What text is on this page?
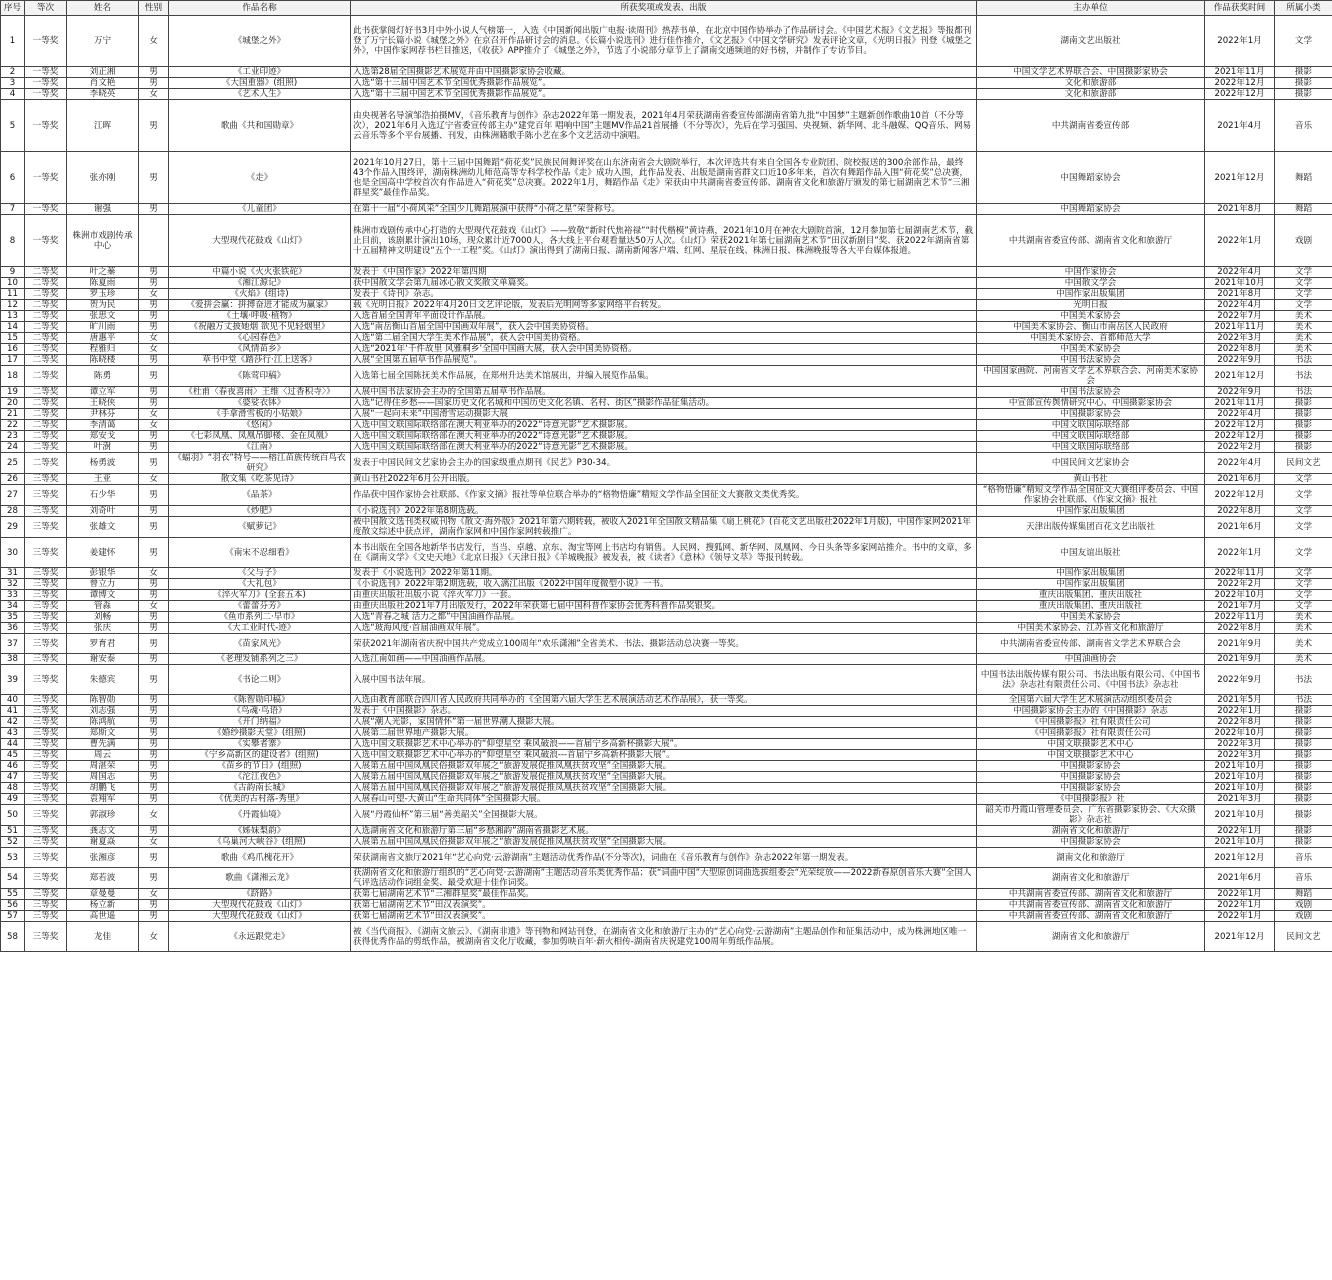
序号	等次	姓名	性别	作品名称	所获奖项或发表、出版	主办单位	作品获奖时间	所属小类
1	一等奖	万宁	女	《城堡之外》	此书获掌阅灯好书3月中外小说人气榜第一，入选《中国新闻出版广电报·读周刊》热荐书单，在北京中国作协举办了作品研讨会。《中国艺术报》《文艺报》等报都刊登了万宁长篇小说《城堡之外》在京召开作品研讨会的消息。《长篇小说选刊》进行佳作推介，《文艺报》《中国文学研究》发表评论文章，《光明日报》刊登《城堡之外》，中国作家网荐书栏目推送，《收获》APP推介了《城堡之外》，节选了小说部分章节上了湖南交通频道的好书榜，并制作了专访节目。	湖南文艺出版社	2022年1月	文学
2	一等奖	刘正湘	男	《工业印迹》	入选第28届全国摄影艺术展览并由中国摄影家协会收藏。	中国文学艺术界联合会、中国摄影家协会	2021年11月	摄影
3	一等奖	肖文艳	男	《大国重器》(组照)	入选“第十三届中国艺术节全国优秀摄影作品展览”。	文化和旅游部	2022年12月	摄影
4	一等奖	李晓英	女	《艺术人生》	入选“第十三届中国艺术节全国优秀摄影作品展览”。	文化和旅游部	2022年12月	摄影
5	一等奖	江晖	男	歌曲《共和国勋章》	由央视著名导演邹浩拍摄MV，《音乐教育与创作》杂志2022年第一期发表，2021年4月荣获湖南省委宣传部湖南省第九批“中国梦”主题新创作歌曲10首（不分等次），2021年6月入选辽宁省委宣传部主办“建党百年 唱响中国”主题MV作品21首展播（不分等次），先后在学习强国、央视频、新华网、北斗融媒、QQ音乐、网易云音乐等多个平台展播、刊发，由株洲籍歌手陈小艺在多个文艺活动中演唱。	中共湖南省委宣传部	2021年4月	音乐
6	一等奖	张亦刚	男	《走》	2021年10月27日，第十三届中国舞蹈“荷花奖”民族民间舞评奖在山东济南省会大剧院举行，本次评选共有来自全国各专业院团、院校报送的300余部作品，最终43个作品入围终评，湖南株洲幼儿师范高等专科学校作品《走》成功入围，此作品发表、出版是湖南省群文口近10多年来，首次有舞蹈作品入围“荷花奖”总决赛，也是全国高中学校首次有作品进入“荷花奖”总决赛。2022年1月，舞蹈作品《走》荣获由中共湖南省委宣传部、湖南省文化和旅游厅颁发的第七届湖南艺术节“三湘群星奖”最佳作品奖。	中国舞蹈家协会	2021年12月	舞蹈
7	一等奖	谢强	男	《儿童团》	在第十一届“小荷风采”全国少儿舞蹈展演中获得“小荷之星”荣誉称号。	中国舞蹈家协会	2021年8月	舞蹈
8	一等奖	株洲市戏剧传承中心		大型现代花鼓戏《山灯》	株洲市戏剧传承中心打造的大型现代花鼓戏《山灯》——致敬“新时代焦裕禄”“时代楷模”黄诗燕，2021年10月在神农大剧院首演，12月参加第七届湖南艺术节，截止目前，该剧累计演出10场，现众累计近7000人，各大线上平台观看量达50万人次。《山灯》荣获2021年第七届湖南艺术节“田汉新剧目”奖、获2022年湖南省第十五届精神文明建设“五个一工程”奖。《山灯》演出得到了湖南日报、湖南新闻客户端、红网、星辰在线、株洲日报、株洲晚报等各大平台媒体报道。	中共湖南省委宣传部、湖南省文化和旅游厅	2022年1月	戏剧
9	二等奖	叶之蓁	男	中篇小说《火火张铁砣》	发表于《中国作家》2022年第四期	中国作家协会	2022年4月	文学
10	二等奖	陈夏雨	男	《湘江源记》	获中国散文学会第九届冰心散文奖散文单篇奖。	中国散文学会	2021年10月	文学
11	二等奖	罗玉珍	女	《火焰》(组诗)	发表于《诗刊》杂志。	中国作家出版集团	2021年8月	文学
12	二等奖	贺为民	男	《爱拼会赢：拼搏奋进才能成为赢家》	载《光明日报》2022年4月20日文艺评论版，发表后光明网等多家网络平台转发。	光明日报	2022年4月	文学
13	二等奖	张思文	男	《土壤·呼吸·植物》	入选首届全国青年平面设计作品展。	中国美术家协会	2022年7月	美术
14	二等奖	旷川雨	男	《祝融万丈披她烟 欲见不见轻烟里》	入选“南岳衡山首届全国中国画双年展”，获入会中国美协资格。	中国美术家协会、衡山市南岳区人民政府	2021年11月	美术
15	二等奖	唐惠平	女	《心园春色》	入选“第二届全国大学生美术作品展”，获入会中国美协资格。	中国美术家协会、首都师范大学	2022年3月	美术
16	二等奖	程雅归	女	《风情苗乡》	入选“2021年‘千件故里 风雅桐乡’全国中国画大展，获入会中国美协资格。	中国美术家协会	2022年8月	美术
17	二等奖	陈晓楼	男	草书中堂《踏莎行·江上送客》	入展“全国第五届草书作品展览”。	中国书法家协会	2022年9月	书法
18	二等奖	陈勇	男	《陈莺印稿》	入选第七届全国陈抚美术作品展，在郑州升达美术馆展出，并编入展览作品集。	中国国家画院、河南省文学艺术界联合会、河南美术家协会	2021年12月	书法
19	二等奖	谭立军	男	《杜甫〈春夜喜雨〉王维〈过香积寺〉》	入展中国书法家协会主办的全国第五届草书作品展。	中国书法家协会	2022年9月	书法
20	二等奖	王晓侠	男	《婆娑衣钵》	入选“记得住乡愁——国家历史文化名城和中国历史文化名镇、名村、街区”摄影作品征集活动。	中宣部宣传舆情研究中心、中国摄影家协会	2021年11月	摄影
21	二等奖	尹林芬	女	《手拿滑雪板的小姑娘》	入展“一起向未来”中国滑雪运动摄影大展	中国摄影家协会	2022年4月	摄影
22	二等奖	李清蔼	女	《悠闲》	入选中国文联国际联络部在澳大利亚举办的2022“诗意光影”艺术摄影展。	中国文联国际联络部	2022年12月	摄影
23	二等奖	郑安戈	男	《七彩凤凰、凤凰吊脚楼、金在凤凰》	入选中国文联国际联络部在澳大利亚举办的2022“诗意光影”艺术摄影展。	中国文联国际联络部	2022年12月	摄影
24	二等奖	叶澍	男	《江南》	入选中国文联国际联络部在澳大利亚举办的2022“诗意光影”艺术摄影展。	中国文联国际联络部	2022年2月	摄影
25	二等奖	杨勇波	男	《蝠羽》“羽衣”特号——榕江苗族传统百鸟衣研究》	发表于中国民间文艺家协会主办的国家级重点期刊《民艺》P30-34。	中国民间文艺家协会	2022年4月	民间文艺
26	三等奖	王亚	女	散文集《吃茶见诗》	黄山书社2022年6月公开出版。	黄山书社	2021年6月	文学
27	三等奖	石少华	男	《品茶》	作品获中国作家协会社联部、《作家文摘》报社等单位联合举办的“格物悟廉”精短文学作品全国征文大赛散文类优秀奖。	“格物悟廉”精短文学作品全国征文大赛组评委员会、中国作家协会社联部、《作家文摘》报社	2022年12月	文学
28	三等奖	刘奇叶	男	《炒肥》	《小说选刊》2022年第8期选载。	中国作家出版集团	2022年8月	文学
29	三等奖	张雄文	男	《赋萝记》	被中国散文选刊类权威刊物《散文·海外版》2021年第六期转载，被收入2021年全国散文精品集《扇上桃花》(百花文艺出版社2022年1月版)，中国作家网2021年度散文综述中获点评，湖南作家网和中国作家网转载推广。	天津出版传媒集团百花文艺出版社	2021年6月	文学
30	三等奖	姜建怀	男	《南宋不忍细看》	本书出版在全国各地新华书店发行，当当、卓越、京东、淘宝等网上书店均有销售。人民网、搜狐网、新华网、凤凰网、今日头条等多家网站推介。书中的文章，多在《湖南文学》《文史天地》《北京日报》《天津日报》《羊城晚报》被发表，被《读者》《意林》《领导文萃》等报刊转载。	中国友谊出版社	2022年1月	文学
31	三等奖	彭银华	女	《父与子》	发表于《小说选刊》2022年第11期。	中国作家出版集团	2022年11月	文学
32	三等奖	曾立力	男	《大礼包》	《小说选刊》2022年第2期选载，收入漓江出版《2022中国年度微型小说》一书。	中国作家出版集团	2022年2月	文学
33	三等奖	谭博文	男	《淬火军刀》(全套五本)	由重庆出版社出版小说《淬火军刀》一套。	重庆出版集团、重庆出版社	2022年10月	文学
34	三等奖	管淼	女	《蕾蕾芬芳》	由重庆出版社2021年7月出版发行，2022年荣获第七届中国科普作家协会优秀科普作品奖银奖。	重庆出版集团、重庆出版社	2021年7月	文学
35	三等奖	刘畅	男	《鱼市系列二·早市》	入选“青春之城 活力之都”中国油画作品展。	中国美术家协会	2022年11月	美术
36	三等奖	张庆	男	《大工业时代-迹》	入选“玻海风度·首届油画双年展”。	中国美术家协会、江苏省文化和旅游厅	2022年8月	美术
37	三等奖	罗育君	男	《苗家风光》	荣获2021年湖南省庆祝中国共产党成立100周年“欢乐潇湘”全省美术、书法、摄影活动总决赛一等奖。	中共湖南省委宣传部、湖南省文学艺术界联合会	2021年9月	美术
38	三等奖	谢安泰	男	《老理发铺系列之三》	入选江南如画——中国油画作品展。	中国油画协会	2021年9月	美术
39	三等奖	朱德宾	男	《书论二则》	入展中国书法年展。	中国书法出版传媒有限公司、书法出版有限公司、《中国书法》杂志社有限责任公司、《中国书法》杂志社	2022年9月	书法
40	三等奖	陈智勋	男	《陈智勋印稿》	入选由教育部联合四川省人民政府共同举办的《全国第六届大学生艺术展演活动艺术作品展》，获一等奖。	全国第六届大学生艺术展演活动组织委员会	2021年5月	书法
41	三等奖	刘志强	男	《鸟魂·鸟语》	发表于《中国摄影》杂志。	中国摄影家协会主办的《中国摄影》杂志	2022年1月	摄影
42	三等奖	陈鸿航	男	《开门纳福》	入展“潮人光影，家国情怀”第一届世界潮人摄影大展。	《中国摄影报》社有限责任公司	2022年8月	摄影
43	三等奖	郑斯文	男	《婚纱摄影天堂》(组照)	入展第二届世界地产摄影大展。	《中国摄影报》社有限责任公司	2022年10月	摄影
44	三等奖	曹先满	男	《实攀者寨》	入选中国文联摄影艺术中心举办的“仰望星空 乘风破浪——首届宁乡高新杯摄影大展”。	中国文联摄影艺术中心	2022年3月	摄影
45	三等奖	周云	男	《宁乡高新区的建设者》(组照)	入选中国文联摄影艺术中心举办的“仰望星空 乘风破浪---首届宁乡高新杯摄影大展”。	中国文联摄影艺术中心	2022年3月	摄影
46	三等奖	周湛荣	男	《苗乡的节日》(组照)	入展第五届中国凤凰民俗摄影双年展之“旅游发展促推凤凰扶贫攻坚”全国摄影大展。	中国摄影家协会	2021年10月	摄影
47	三等奖	周国志	男	《沱江夜色》	入展第五届中国凤凰民俗摄影双年展之“旅游发展促推凤凰扶贫攻坚”全国摄影大展。	中国摄影家协会	2021年10月	摄影
48	三等奖	胡鹏飞	男	《古韵南长城》	入展第五届中国凤凰民俗摄影双年展之“旅游发展促推凤凰扶贫攻坚”全国摄影大展。	中国摄影家协会	2021年10月	摄影
49	三等奖	袁翔军	男	《优美的古村落-秀里》	入展春山可望-大黄山“生命共同体”全国摄影大展。	《中国摄影报》社	2021年3月	摄影
50	三等奖	郭淑珍	女	《丹霞仙境》	入展“丹霞仙杯”第三届“善美韶关”全国摄影大展。	韶关市丹霞山管理委员会、广东省摄影家协会、《大众摄影》杂志社	2021年10月	摄影
51	三等奖	龚志文	男	《姊妹梨韵》	入选湖南省文化和旅游厅第三届“乡愁湘韵”湖南省摄影艺术展。	湖南省文化和旅游厅	2022年1月	摄影
52	三等奖	谢夏焱	女	《乌巢河大峡谷》(组照)	入展第五届中国凤凰民俗摄影双年展之“旅游发展促推凤凰扶贫攻坚”全国摄影大展。	中国摄影家协会	2021年10月	摄影
53	三等奖	张湘彦	男	歌曲《鸡爪槐花开》	荣获湖南省文旅厅2021年“艺心向党·云游湖南”主题活动优秀作品(不分等次)，词曲在《音乐教育与创作》杂志2022年第一期发表。	湖南文化和旅游厅	2021年12月	音乐
54	三等奖	郑若波	男	歌曲《潇湘云龙》	获湖南省文化和旅游厅组织的“艺心向党·云游湖南”主题活动音乐类优秀作品；获“词曲中国”大型原创词曲选拔组委会“光荣绽放——2022新春原创音乐大赛”全国人气评选活动作词组金奖、最受欢迎十佳作词奖。	湖南省文化和旅游厅	2021年6月	音乐
55	三等奖	章曼曼	女	《跻路》	获第七届湖南艺术节“三湘群星奖”最佳作品奖。	中共湖南省委宣传部、湖南省文化和旅游厅	2022年1月	舞蹈
56	三等奖	杨立新	男	大型现代花鼓戏《山灯》	获第七届湖南艺术节“田汉表演奖”。	中共湖南省委宣传部、湖南省文化和旅游厅	2022年1月	戏剧
57	三等奖	高世遥	男	大型现代花鼓戏《山灯》	获第七届湖南艺术节“田汉表演奖”。	中共湖南省委宣传部、湖南省文化和旅游厅	2022年1月	戏剧
58	三等奖	龙佳	女	《永远跟党走》	被《当代商报》、《湖南文旅云》、《湖南非遗》等刊物和网站刊登，在湖南省文化和旅游厅主办的“艺心向党·云游湖南”主题品创作和征集活动中，成为株洲地区唯一获得优秀作品的剪纸作品，被湖南省文化厅收藏，参加剪映百年·薪火相传-湖南省庆祝建党100周年剪纸作品展。	湖南省文化和旅游厅	2021年12月	民间文艺
